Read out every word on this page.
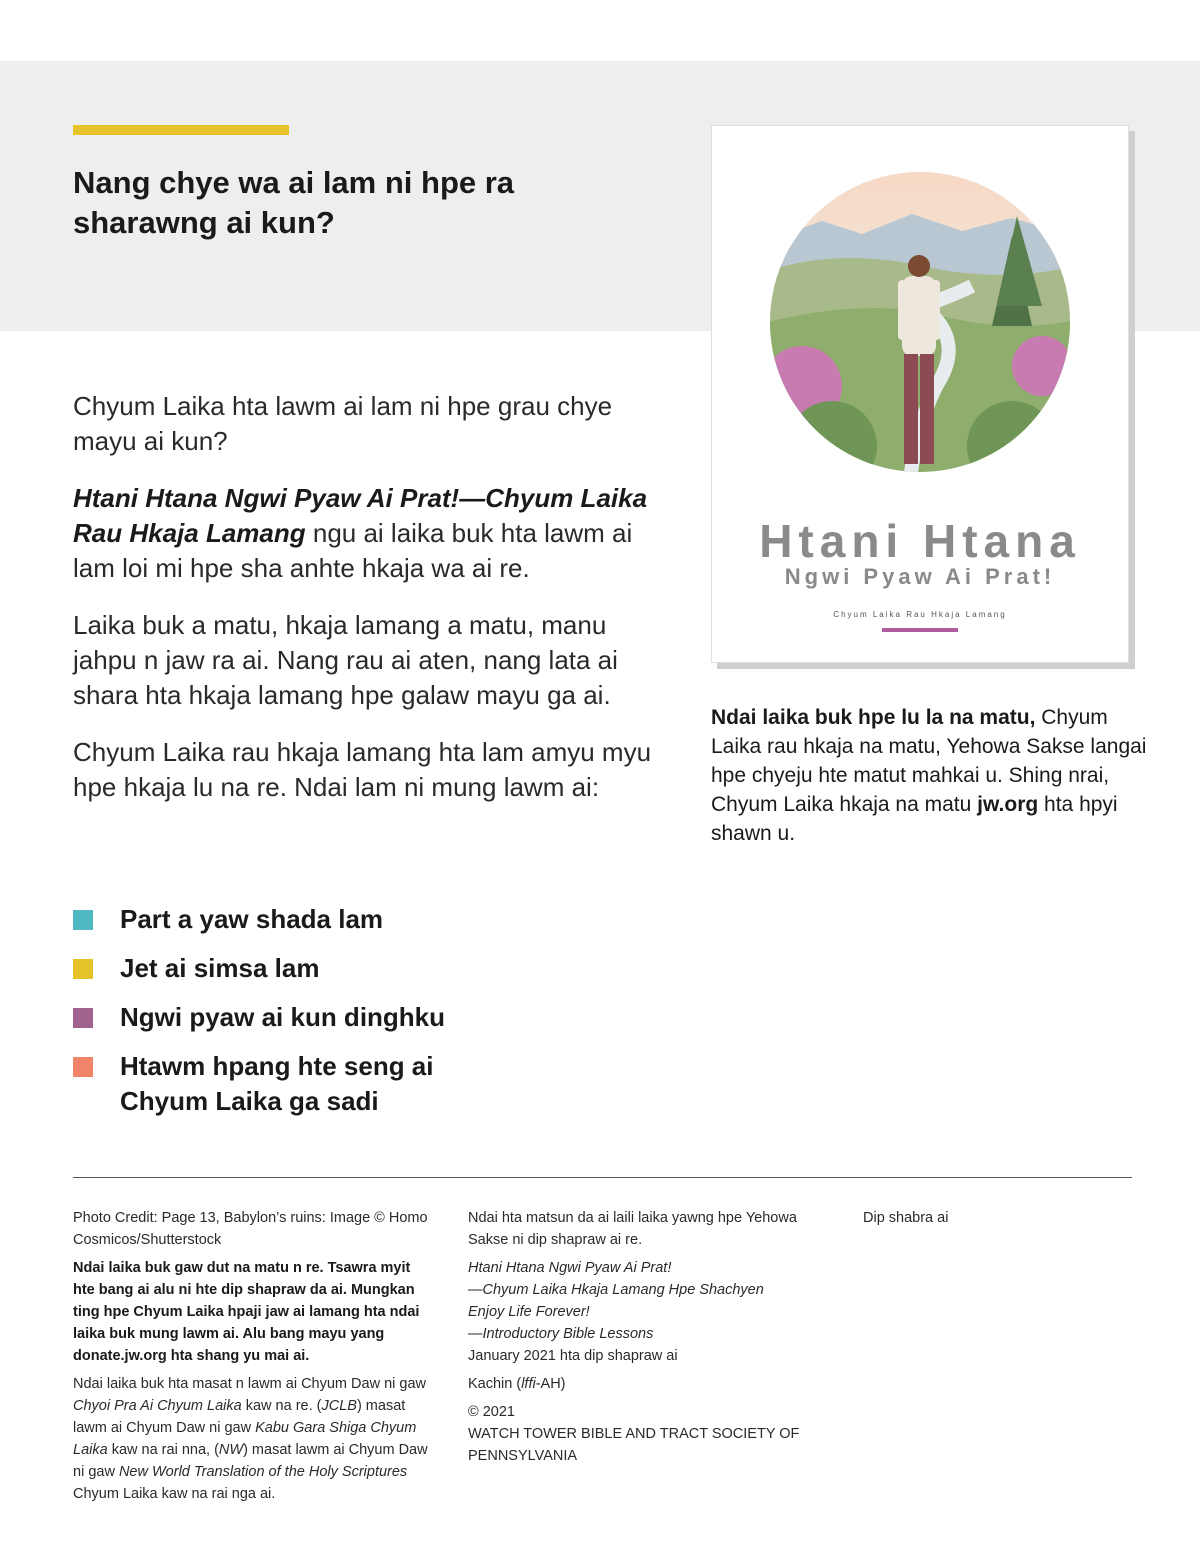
Nang chye wa ai lam ni hpe ra
sharawng ai kun?

Chyum Laika hta lawm ai lam ni hpe grau chye mayu ai kun?

Htani Htana Ngwi Pyaw Ai Prat!—Chyum Laika Rau Hkaja Lamang ngu ai laika buk hta lawm ai lam loi mi hpe sha anhte hkaja wa ai re.

Laika buk a matu, hkaja lamang a matu, manu jahpu n jaw ra ai. Nang rau ai aten, nang lata ai shara hta hkaja lamang hpe galaw mayu ga ai.

Chyum Laika rau hkaja lamang hta lam amyu myu hpe hkaja lu na re. Ndai lam ni mung lawm ai:

Part a yaw shada lam
Jet ai simsa lam
Ngwi pyaw ai kun dinghku
Htawm hpang hte seng ai Chyum Laika ga sadi
Htani Htana
Ngwi Pyaw Ai Prat!
Chyum Laika Rau Hkaja Lamang
Ndai laika buk hpe lu la na matu, Chyum Laika rau hkaja na matu, Yehowa Sakse langai hpe chyeju hte matut mahkai u. Shing nrai, Chyum Laika hkaja na matu jw.org hta hpyi shawn u.

Photo Credit: Page 13, Babylon’s ruins: Image © Homo Cosmicos/Shutterstock

Ndai laika buk gaw dut na matu n re. Tsawra myit hte bang ai alu ni hte dip shapraw da ai. Mungkan ting hpe Chyum Laika hpaji jaw ai lamang hta ndai laika buk mung lawm ai. Alu bang mayu yang donate.jw.org hta shang yu mai ai.

Ndai laika buk hta masat n lawm ai Chyum Daw ni gaw Chyoi Pra Ai Chyum Laika kaw na re. (JCLB) masat lawm ai Chyum Daw ni gaw Kabu Gara Shiga Chyum Laika kaw na rai nna, (NW) masat lawm ai Chyum Daw ni gaw New World Translation of the Holy Scriptures Chyum Laika kaw na rai nga ai.

Ndai hta matsun da ai laili laika yawng hpe Yehowa Sakse ni dip shapraw ai re.

Htani Htana Ngwi Pyaw Ai Prat!
—Chyum Laika Hkaja Lamang Hpe Shachyen
Enjoy Life Forever!
—Introductory Bible Lessons
January 2021 hta dip shapraw ai

Kachin (lffi-AH)

© 2021
WATCH TOWER BIBLE AND TRACT SOCIETY OF PENNSYLVANIA

Dip shabra ai
